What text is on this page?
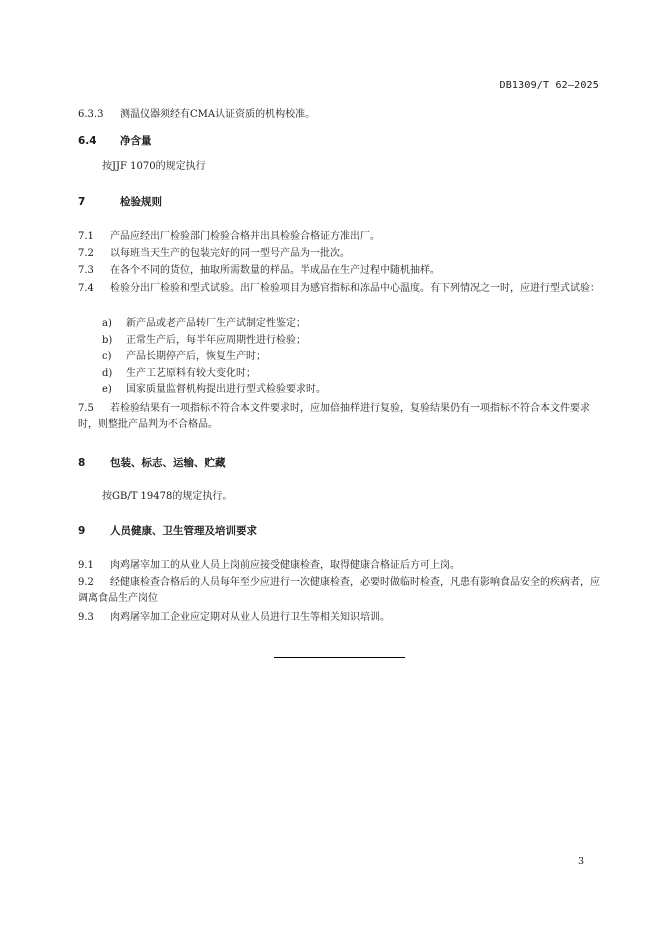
DB1309/T 62—2025
6.3.3 测温仪器须经有CMA认证资质的机构校准。
6.4 净含量
按JJF 1070的规定执行
7	检验规则
7.1 产品应经出厂检验部门检验合格并出具检验合格证方准出厂。
7.2 以每班当天生产的包装完好的同一型号产品为一批次。
7.3 在各个不同的货位，抽取所需数量的样品。半成品在生产过程中随机抽样。
7.4 检验分出厂检验和型式试验。出厂检验项目为感官指标和冻品中心温度。有下列情况之一时，应进行型式试验：
a) 新产品或老产品转厂生产试制定性鉴定；
b) 正常生产后，每半年应周期性进行检验；
c) 产品长期停产后，恢复生产时；
d) 生产工艺原料有较大变化时；
e) 国家质量监督机构提出进行型式检验要求时。
7.5 若检验结果有一项指标不符合本文件要求时，应加倍抽样进行复验，复验结果仍有一项指标不符合本文件要求时，则整批产品判为不合格品。
8 包装、标志、运输、贮藏
按GB/T 19478的规定执行。
9 人员健康、卫生管理及培训要求
9.1 肉鸡屠宰加工的从业人员上岗前应接受健康检查，取得健康合格证后方可上岗。
9.2 经健康检查合格后的人员每年至少应进行一次健康检查，必要时做临时检查，凡患有影响食品安全的疾病者，应调离食品生产岗位
9.3 肉鸡屠宰加工企业应定期对从业人员进行卫生等相关知识培训。
3
